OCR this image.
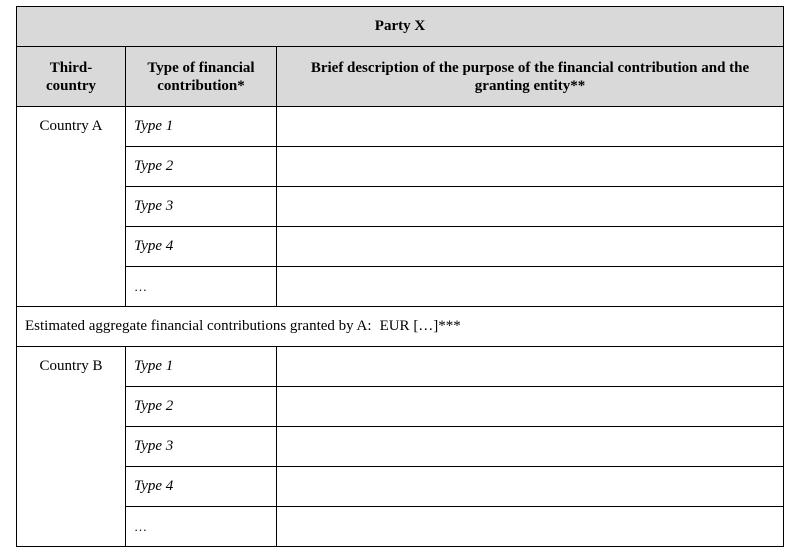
Party X		
Third-country	Type of financial contribution*	Brief description of the purpose of the financial contribution and the granting entity**
Country A	Type 1	
	Type 2	
	Type 3	
	Type 4	
	…	
Estimated aggregate financial contributions granted by A: EUR […]***		
Country B	Type 1	
	Type 2	
	Type 3	
	Type 4	
	…	
